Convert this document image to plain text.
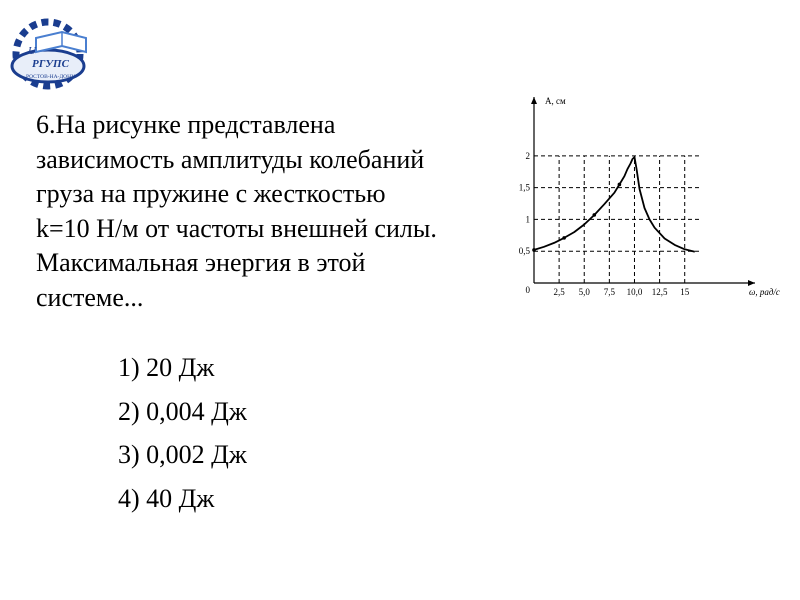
U
РГУПС
РОСТОВ-НА-ДОНУ
6.На рисунке представлена
зависимость амплитуды колебаний
груза на пружине с жесткостью
k=10 Н/м от частоты внешней силы.
Максимальная энергия в этой
системе...
1) 20 Дж
2) 0,004 Дж
3) 0,002 Дж
4) 40 Дж
2,5 5,0 7,5 10,0 12,5 15
0,5
1
1,5
2
0
А, см
ω, рад/с
